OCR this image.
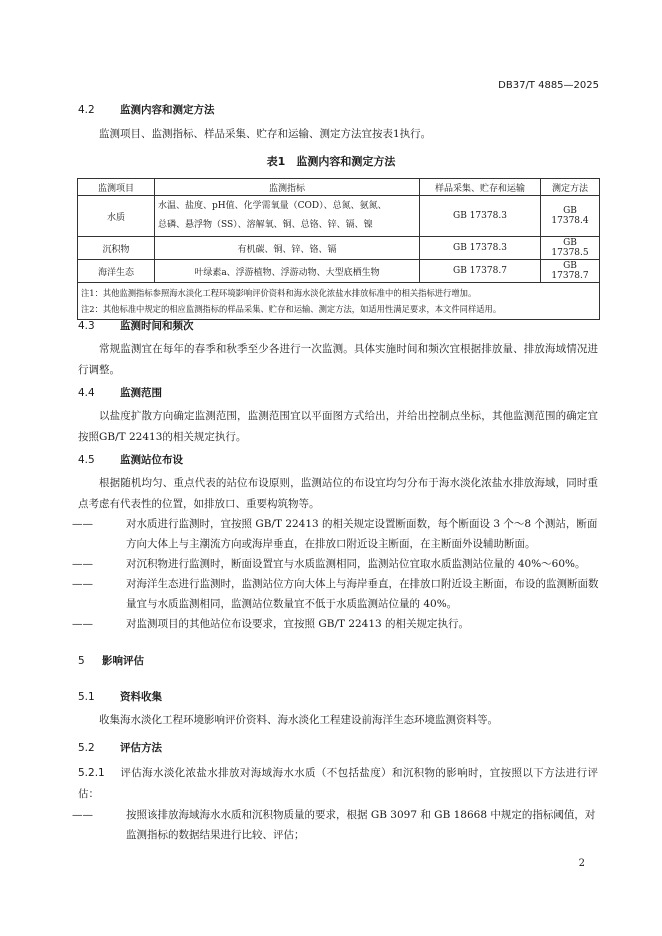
DB37/T 4885—2025
4.2 监测内容和测定方法
监测项目、监测指标、样品采集、贮存和运输、测定方法宜按表1执行。
表1　监测内容和测定方法
监测项目	监测指标	样品采集、贮存和运输	测定方法
水质	水温、盐度、pH值、化学需氧量（COD）、总氮、氨氮、
总磷、悬浮物（SS）、溶解氧、铜、总铬、锌、镉、镍	GB 17378.3	GB 17378.4
沉积物	有机碳、铜、锌、铬、镉	GB 17378.3	GB 17378.5
海洋生态	叶绿素a、浮游植物、浮游动物、大型底栖生物	GB 17378.7	GB 17378.7

注1：其他监测指标参照海水淡化工程环境影响评价资料和海水淡化浓盐水排放标准中的相关指标进行增加。
注2：其他标准中规定的相应监测指标的样品采集、贮存和运输、测定方法，如适用性满足要求，本文件同样适用。			
4.3 监测时间和频次
常规监测宜在每年的春季和秋季至少各进行一次监测。具体实施时间和频次宜根据排放量、排放海域情况进行调整。
4.4 监测范围
以盐度扩散方向确定监测范围，监测范围宜以平面图方式给出，并给出控制点坐标，其他监测范围的确定宜按照GB/T 22413的相关规定执行。
4.5 监测站位布设
根据随机均匀、重点代表的站位布设原则，监测站位的布设宜均匀分布于海水淡化浓盐水排放海域，同时重点考虑有代表性的位置，如排放口、重要构筑物等。
——	对水质进行监测时，宜按照 GB/T 22413 的相关规定设置断面数，每个断面设 3 个～8 个测站，断面方向大体上与主潮流方向或海岸垂直，在排放口附近设主断面，在主断面外设辅助断面。
——	对沉积物进行监测时，断面设置宜与水质监测相同，监测站位宜取水质监测站位量的 40%～60%。
——	对海洋生态进行监测时，监测站位方向大体上与海岸垂直，在排放口附近设主断面，布设的监测断面数量宜与水质监测相同，监测站位数量宜不低于水质监测站位量的 40%。
——	对监测项目的其他站位布设要求，宜按照 GB/T 22413 的相关规定执行。
5 影响评估
5.1 资料收集
收集海水淡化工程环境影响评价资料、海水淡化工程建设前海洋生态环境监测资料等。
5.2 评估方法
5.2.1 评估海水淡化浓盐水排放对海域海水水质（不包括盐度）和沉积物的影响时，宜按照以下方法进行评估：
——	按照该排放海域海水水质和沉积物质量的要求，根据 GB 3097 和 GB 18668 中规定的指标阈值，对监测指标的数据结果进行比较、评估；
2
